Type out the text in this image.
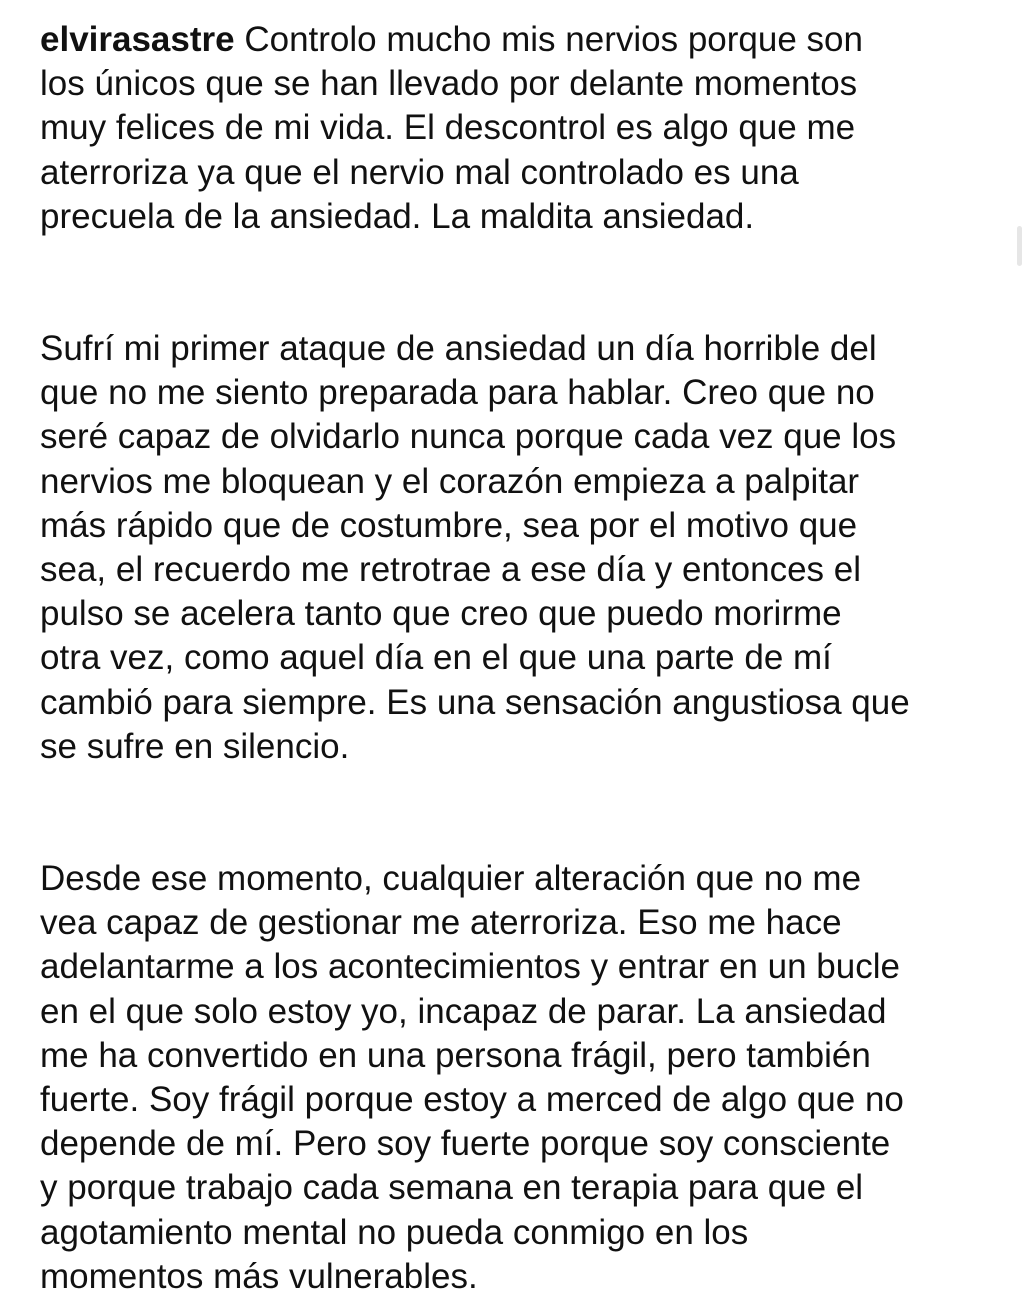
elvirasastre Controlo mucho mis nervios porque son
los únicos que se han llevado por delante momentos
muy felices de mi vida. El descontrol es algo que me
aterroriza ya que el nervio mal controlado es una
precuela de la ansiedad. La maldita ansiedad.
Sufrí mi primer ataque de ansiedad un día horrible del
que no me siento preparada para hablar. Creo que no
seré capaz de olvidarlo nunca porque cada vez que los
nervios me bloquean y el corazón empieza a palpitar
más rápido que de costumbre, sea por el motivo que
sea, el recuerdo me retrotrae a ese día y entonces el
pulso se acelera tanto que creo que puedo morirme
otra vez, como aquel día en el que una parte de mí
cambió para siempre. Es una sensación angustiosa que
se sufre en silencio.
Desde ese momento, cualquier alteración que no me
vea capaz de gestionar me aterroriza. Eso me hace
adelantarme a los acontecimientos y entrar en un bucle
en el que solo estoy yo, incapaz de parar. La ansiedad
me ha convertido en una persona frágil, pero también
fuerte. Soy frágil porque estoy a merced de algo que no
depende de mí. Pero soy fuerte porque soy consciente
y porque trabajo cada semana en terapia para que el
agotamiento mental no pueda conmigo en los
momentos más vulnerables.
